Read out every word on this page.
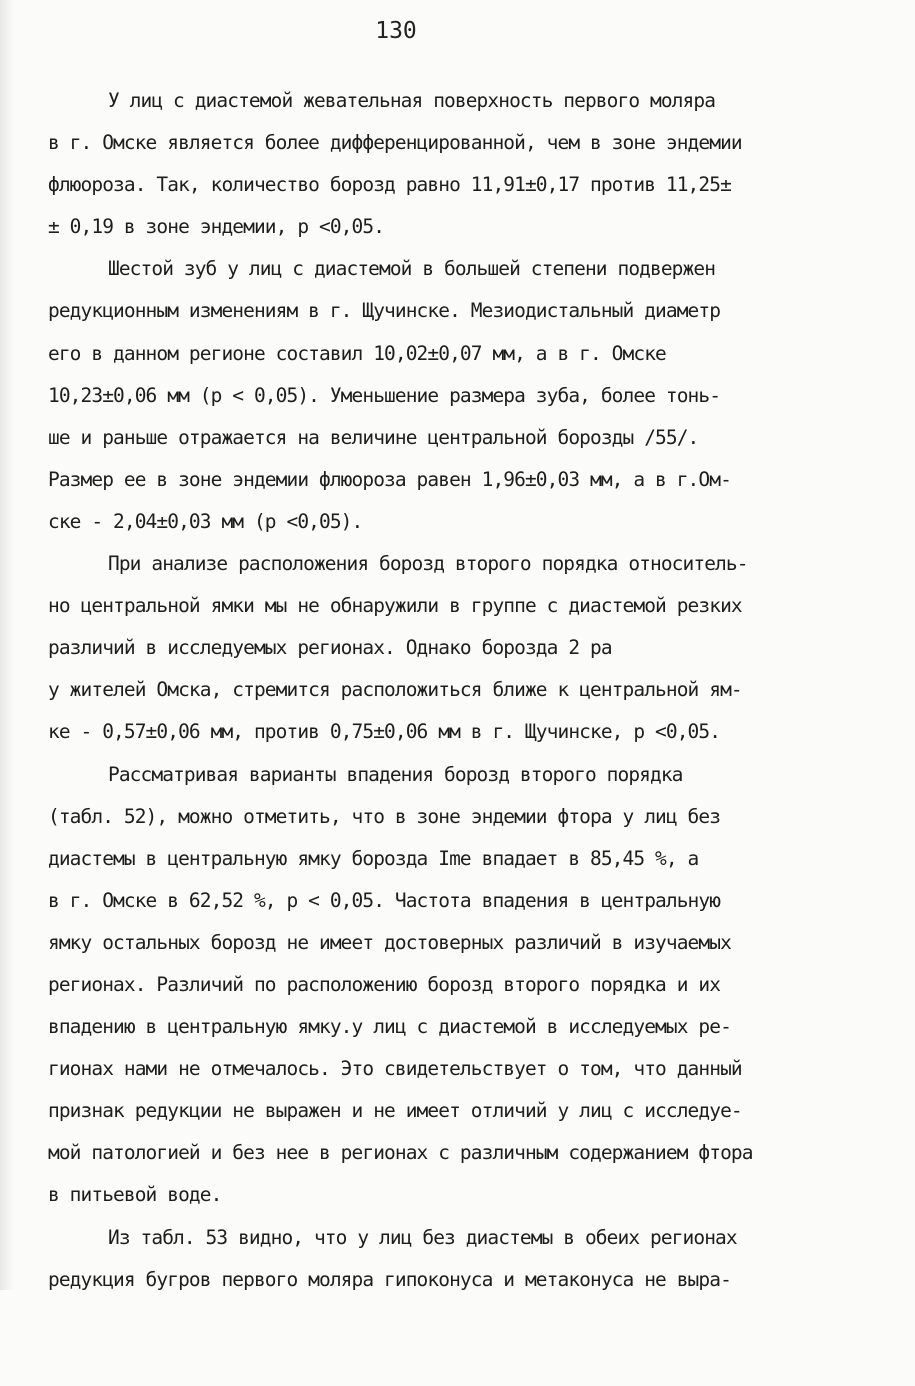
130
У лиц с диастемой жевательная поверхность первого моляра
в г. Омске является более дифференцированной, чем в зоне эндемии
флюороза. Так, количество борозд равно 11,91±0,17 против 11,25±
± 0,19 в зоне эндемии, р <0,05.
Шестой зуб у лиц с диастемой в большей степени подвержен
редукционным изменениям в г. Щучинске. Мезиодистальный диаметр
его в данном регионе составил 10,02±0,07 мм, а в г. Омске
10,23±0,06 мм (р < 0,05). Уменьшение размера зуба, более тонь-
ше и раньше отражается на величине центральной борозды /55/.
Размер ее в зоне эндемии флюороза равен 1,96±0,03 мм, а в г.Ом-
ске - 2,04±0,03 мм (р <0,05).
При анализе расположения борозд второго порядка относитель-
но центральной ямки мы не обнаружили в группе с диастемой резких
различий в исследуемых регионах. Однако борозда 2 ра
у жителей Омска, стремится расположиться ближе к центральной ям-
ке - 0,57±0,06 мм, против 0,75±0,06 мм в г. Щучинске, р <0,05.
Рассматривая варианты впадения борозд второго порядка
(табл. 52), можно отметить, что в зоне эндемии фтора у лиц без
диастемы в центральную ямку борозда Ime впадает в 85,45 %, а
в г. Омске в 62,52 %, р < 0,05. Частота впадения в центральную
ямку остальных борозд не имеет достоверных различий в изучаемых
регионах. Различий по расположению борозд второго порядка и их
впадению в центральную ямку.у лиц с диастемой в исследуемых ре-
гионах нами не отмечалось. Это свидетельствует о том, что данный
признак редукции не выражен и не имеет отличий у лиц с исследуе-
мой патологией и без нее в регионах с различным содержанием фтора
в питьевой воде.
Из табл. 53 видно, что у лиц без диастемы в обеих регионах
редукция бугров первого моляра гипоконуса и метаконуса не выра-
